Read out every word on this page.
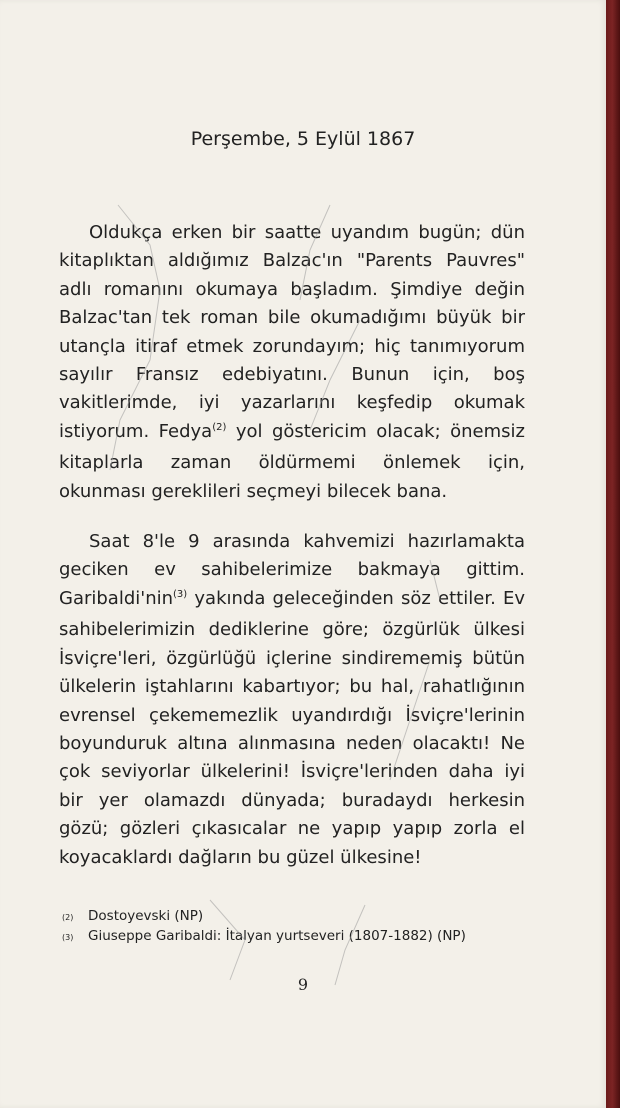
Perşembe, 5 Eylül 1867

Oldukça erken bir saatte uyandım bugün; dün kitaplıktan aldığımız Balzac'ın "Parents Pauvres" adlı romanını okumaya başladım. Şimdiye değin Balzac'tan tek roman bile okumadığımı büyük bir utançla itiraf etmek zorundayım; hiç tanımıyorum sayılır Fransız edebiyatını. Bunun için, boş vakitlerimde, iyi yazarlarını keşfedip okumak istiyorum. Fedya$^{(2)}$ yol göstericim olacak; önemsiz kitaplarla zaman öldürmemi önlemek için, okunması gereklileri seçmeyi bilecek bana.

Saat 8'le 9 arasında kahvemizi hazırlamakta geciken ev sahibelerimize bakmaya gittim. Garibaldi'nin$^{(3)}$ yakında geleceğinden söz ettiler. Ev sahibelerimizin dediklerine göre; özgürlük ülkesi İsviçre'leri, özgürlüğü içlerine sindirememiş bütün ülkelerin iştahlarını kabartıyor; bu hal, rahatlığının evrensel çekememezlik uyandırdığı İsviçre'lerinin boyunduruk altına alınmasına neden olacaktı! Ne çok seviyorlar ülkelerini! İsviçre'lerinden daha iyi bir yer olamazdı dünyada; buradaydı herkesin gözü; gözleri çıkasıcalar ne yapıp yapıp zorla el koyacaklardı dağların bu güzel ülkesine!

(2)	Dostoyevski (NP)
(3)	Giuseppe Garibaldi: İtalyan yurtseveri (1807-1882) (NP)
9
